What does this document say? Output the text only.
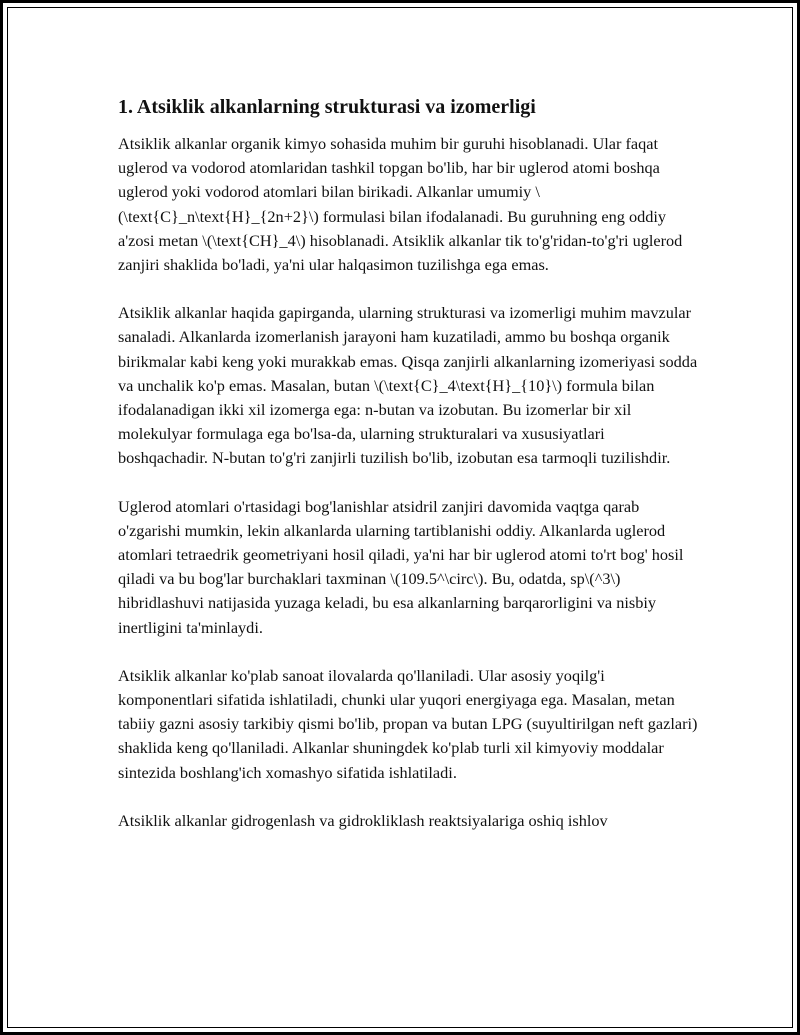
1. Atsiklik alkanlarning strukturasi va izomerligi

Atsiklik alkanlar organik kimyo sohasida muhim bir guruhi hisoblanadi. Ular faqat uglerod va vodorod atomlaridan tashkil topgan bo'lib, har bir uglerod atomi boshqa uglerod yoki vodorod atomlari bilan birikadi. Alkanlar umumiy \(\text{C}_n\text{H}_{2n+2}\) formulasi bilan ifodalanadi. Bu guruhning eng oddiy a'zosi metan \(\text{CH}_4\) hisoblanadi. Atsiklik alkanlar tik to'g'ridan-to'g'ri uglerod zanjiri shaklida bo'ladi, ya'ni ular halqasimon tuzilishga ega emas.

Atsiklik alkanlar haqida gapirganda, ularning strukturasi va izomerligi muhim mavzular sanaladi. Alkanlarda izomerlanish jarayoni ham kuzatiladi, ammo bu boshqa organik birikmalar kabi keng yoki murakkab emas. Qisqa zanjirli alkanlarning izomeriyasi sodda va unchalik ko'p emas. Masalan, butan \(\text{C}_4\text{H}_{10}\) formula bilan ifodalanadigan ikki xil izomerga ega: n-butan va izobutan. Bu izomerlar bir xil molekulyar formulaga ega bo'lsa-da, ularning strukturalari va xususiyatlari boshqachadir. N-butan to'g'ri zanjirli tuzilish bo'lib, izobutan esa tarmoqli tuzilishdir.

Uglerod atomlari o'rtasidagi bog'lanishlar atsidril zanjiri davomida vaqtga qarab o'zgarishi mumkin, lekin alkanlarda ularning tartiblanishi oddiy. Alkanlarda uglerod atomlari tetraedrik geometriyani hosil qiladi, ya'ni har bir uglerod atomi to'rt bog' hosil qiladi va bu bog'lar burchaklari taxminan \(109.5^\circ\). Bu, odatda, sp\(^3\) hibridlashuvi natijasida yuzaga keladi, bu esa alkanlarning barqarorligini va nisbiy inertligini ta'minlaydi.

Atsiklik alkanlar ko'plab sanoat ilovalarda qo'llaniladi. Ular asosiy yoqilg'i komponentlari sifatida ishlatiladi, chunki ular yuqori energiyaga ega. Masalan, metan tabiiy gazni asosiy tarkibiy qismi bo'lib, propan va butan LPG (suyultirilgan neft gazlari) shaklida keng qo'llaniladi. Alkanlar shuningdek ko'plab turli xil kimyoviy moddalar sintezida boshlang'ich xomashyo sifatida ishlatiladi.

Atsiklik alkanlar gidrogenlash va gidrokliklash reaktsiyalariga oshiq ishlov
